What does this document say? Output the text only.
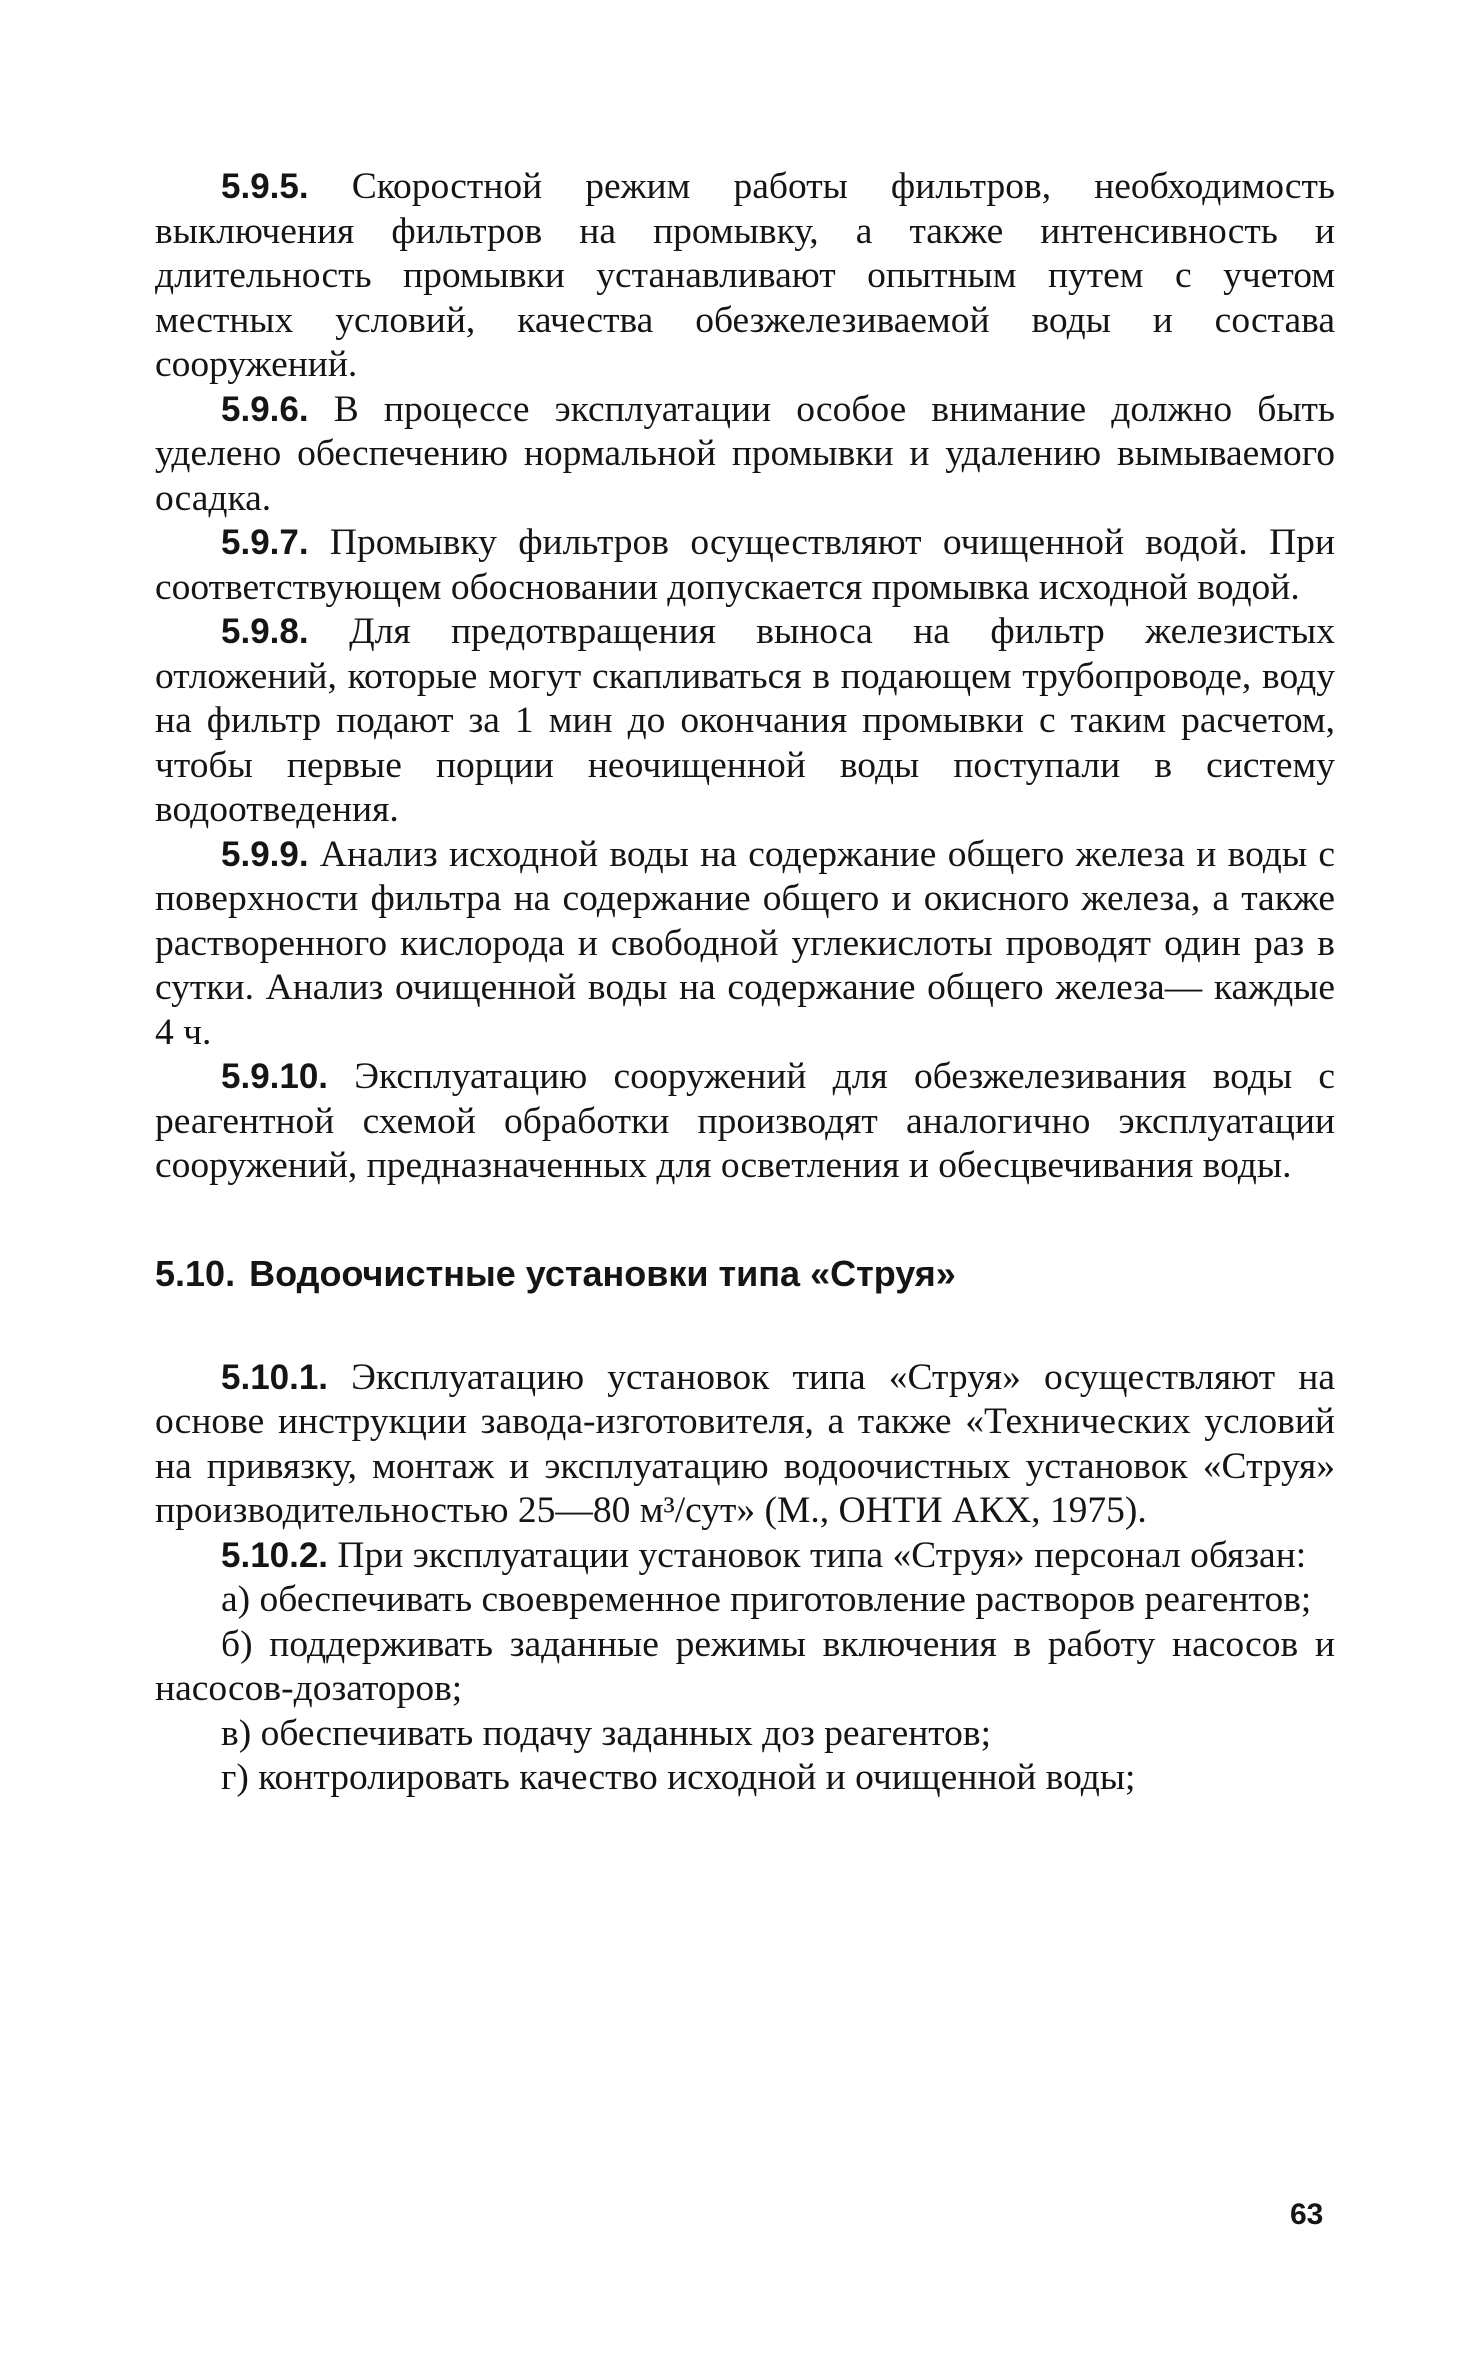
5.9.5. Скоростной режим работы фильтров, необходимость выключения фильтров на промывку, а также интенсивность и длительность промывки устанавливают опытным путем с учетом местных условий, качества обезжелезиваемой воды и состава сооружений.

5.9.6. В процессе эксплуатации особое внимание должно быть уделено обеспечению нормальной промывки и удалению вымываемого осадка.

5.9.7. Промывку фильтров осуществляют очищенной водой. При соответствующем обосновании допускается промывка исходной водой.

5.9.8. Для предотвращения выноса на фильтр железистых отложений, которые могут скапливаться в подающем трубопроводе, воду на фильтр подают за 1 мин до окончания промывки с таким расчетом, чтобы первые порции неочищенной воды поступали в систему водоотведения.

5.9.9. Анализ исходной воды на содержание общего железа и воды с поверхности фильтра на содержание общего и окисного железа, а также растворенного кислорода и свободной углекислоты проводят один раз в сутки. Анализ очищенной воды на содержание общего железа— каждые 4 ч.

5.9.10. Эксплуатацию сооружений для обезжелезивания воды с реагентной схемой обработки производят аналогично эксплуатации сооружений, предназначенных для осветления и обесцвечивания воды.

5.10. Водоочистные установки типа «Струя»

5.10.1. Эксплуатацию установок типа «Струя» осуществляют на основе инструкции завода-изготовителя, а также «Технических условий на привязку, монтаж и эксплуатацию водоочистных установок «Струя» производительностью 25—80 м³/сут» (М., ОНТИ АКХ, 1975).

5.10.2. При эксплуатации установок типа «Струя» персонал обязан:

а) обеспечивать своевременное приготовление растворов реагентов;

б) поддерживать заданные режимы включения в работу насосов и насосов-дозаторов;

в) обеспечивать подачу заданных доз реагентов;

г) контролировать качество исходной и очищенной воды;

63
